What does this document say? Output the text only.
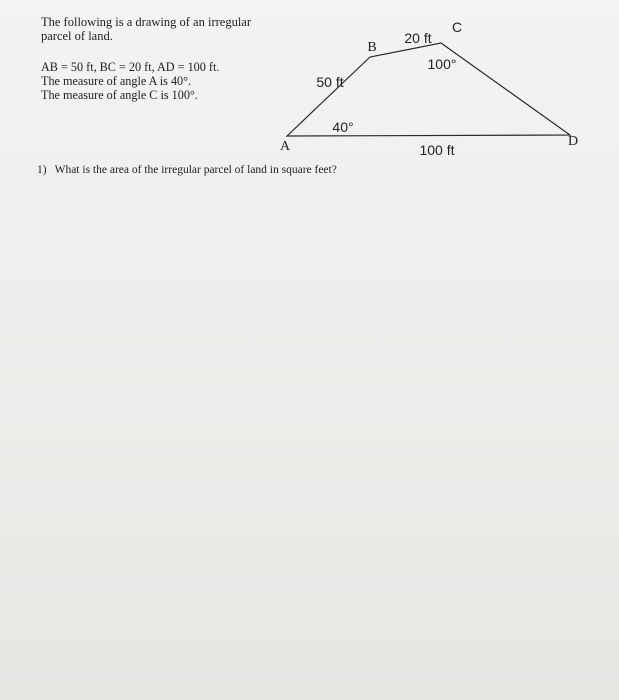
The following is a drawing of an irregular
parcel of land.
AB = 50 ft, BC = 20 ft, AD = 100 ft.
The measure of angle A is 40°.
The measure of angle C is 100°.
A
B
C
D
50 ft
20 ft
100 ft
40°
100°
1) What is the area of the irregular parcel of land in square feet?
